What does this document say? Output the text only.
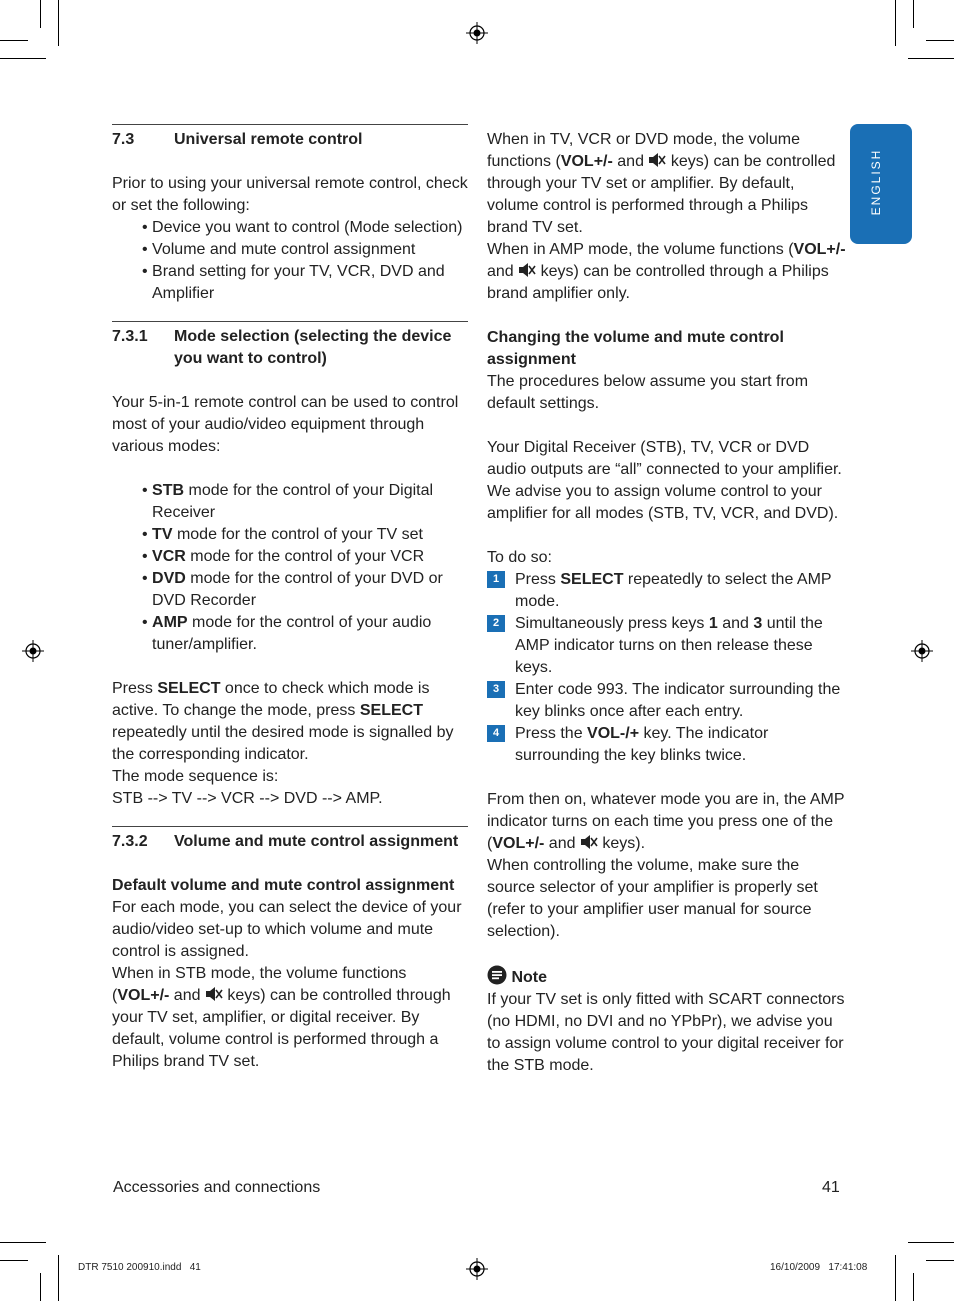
ENGLISH
7.3	Universal remote control

Prior to using your universal remote control, check or set the following:

• Device you want to control (Mode selection)

• Volume and mute control assignment

• Brand setting for your TV, VCR, DVD and Amplifier

7.3.1	Mode selection (selecting the device you want to control)

Your 5-in-1 remote control can be used to control most of your audio/video equipment through various modes:

• STB mode for the control of your Digital Receiver

• TV mode for the control of your TV set

• VCR mode for the control of your VCR

• DVD mode for the control of your DVD or DVD Recorder

• AMP mode for the control of your audio tuner/amplifier.

Press SELECT once to check which mode is active. To change the mode, press SELECT repeatedly until the desired mode is signalled by the corresponding indicator.

The mode sequence is:

STB --> TV --> VCR --> DVD --> AMP.

7.3.2	Volume and mute control assignment

Default volume and mute control assignment

For each mode, you can select the device of your audio/video set-up to which volume and mute control is assigned.

When in STB mode, the volume functions (VOL+/- and  keys) can be controlled through your TV set, amplifier, or digital receiver. By default, volume control is performed through a Philips brand TV set.

When in TV, VCR or DVD mode, the volume functions (VOL+/- and  keys) can be controlled through your TV set or amplifier. By default, volume control is performed through a Philips brand TV set.

When in AMP mode, the volume functions (VOL+/- and  keys) can be controlled through a Philips brand amplifier only.

Changing the volume and mute control assignment

The procedures below assume you start from default settings.

Your Digital Receiver (STB), TV, VCR or DVD audio outputs are “all” connected to your amplifier. We advise you to assign volume control to your amplifier for all modes (STB, TV, VCR, and DVD).

To do so:

1 Press SELECT repeatedly to select the AMP mode.
2 Simultaneously press keys 1 and 3 until the AMP indicator turns on then release these keys.
3 Enter code 993. The indicator surrounding the key blinks once after each entry.
4 Press the VOL-/+ key. The indicator surrounding the key blinks twice.

From then on, whatever mode you are in, the AMP indicator turns on each time you press one of the (VOL+/- and  keys).

When controlling the volume, make sure the source selector of your amplifier is properly set (refer to your amplifier user manual for source selection).

Note

If your TV set is only fitted with SCART connectors (no HDMI, no DVI and no YPbPr), we advise you to assign volume control to your digital receiver for the STB mode.

Accessories and connections	41
DTR 7510 200910.indd   41	16/10/2009   17:41:08
